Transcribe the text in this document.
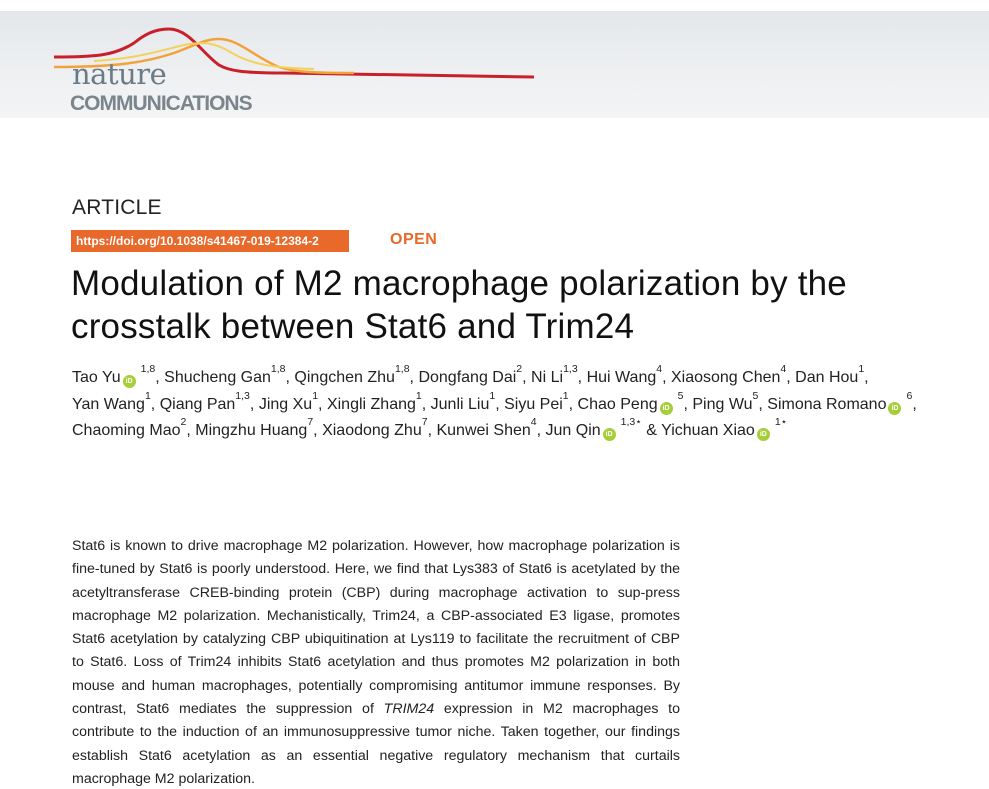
nature
COMMUNICATIONS
ARTICLE
https://doi.org/10.1038/s41467-019-12384-2	OPEN
Modulation of M2 macrophage polarization by the
crosstalk between Stat6 and Trim24
Tao Yu iD$^{1,8}$, Shucheng Gan$^{1,8}$, Qingchen Zhu$^{1,8}$, Dongfang Dai$^2$, Ni Li$^{1,3}$, Hui Wang$^4$, Xiaosong Chen$^4$, Dan Hou$^1$, Yan Wang$^1$, Qiang Pan$^{1,3}$, Jing Xu$^1$, Xingli Zhang$^1$, Junli Liu$^1$, Siyu Pei$^1$, Chao Peng $iD^5$, Ping Wu$^5$, Simona Romano $iD^6$, Chaoming Mao$^2$, Mingzhu Huang$^7$, Xiaodong Zhu$^7$, Kunwei Shen$^4$, Jun Qin $iD^{1,3⋆}$ & Yichuan Xiao $iD^{1⋆}$

Stat6 is known to drive macrophage M2 polarization. However, how macrophage polarization is fine-tuned by Stat6 is poorly understood. Here, we find that Lys383 of Stat6 is acetylated by the acetyltransferase CREB-binding protein (CBP) during macrophage activation to sup-press macrophage M2 polarization. Mechanistically, Trim24, a CBP-associated E3 ligase, promotes Stat6 acetylation by catalyzing CBP ubiquitination at Lys119 to facilitate the recruitment of CBP to Stat6. Loss of Trim24 inhibits Stat6 acetylation and thus promotes M2 polarization in both mouse and human macrophages, potentially compromising antitumor immune responses. By contrast, Stat6 mediates the suppression of TRIM24 expression in M2 macrophages to contribute to the induction of an immunosuppressive tumor niche. Taken together, our findings establish Stat6 acetylation as an essential negative regulatory mechanism that curtails macrophage M2 polarization.
